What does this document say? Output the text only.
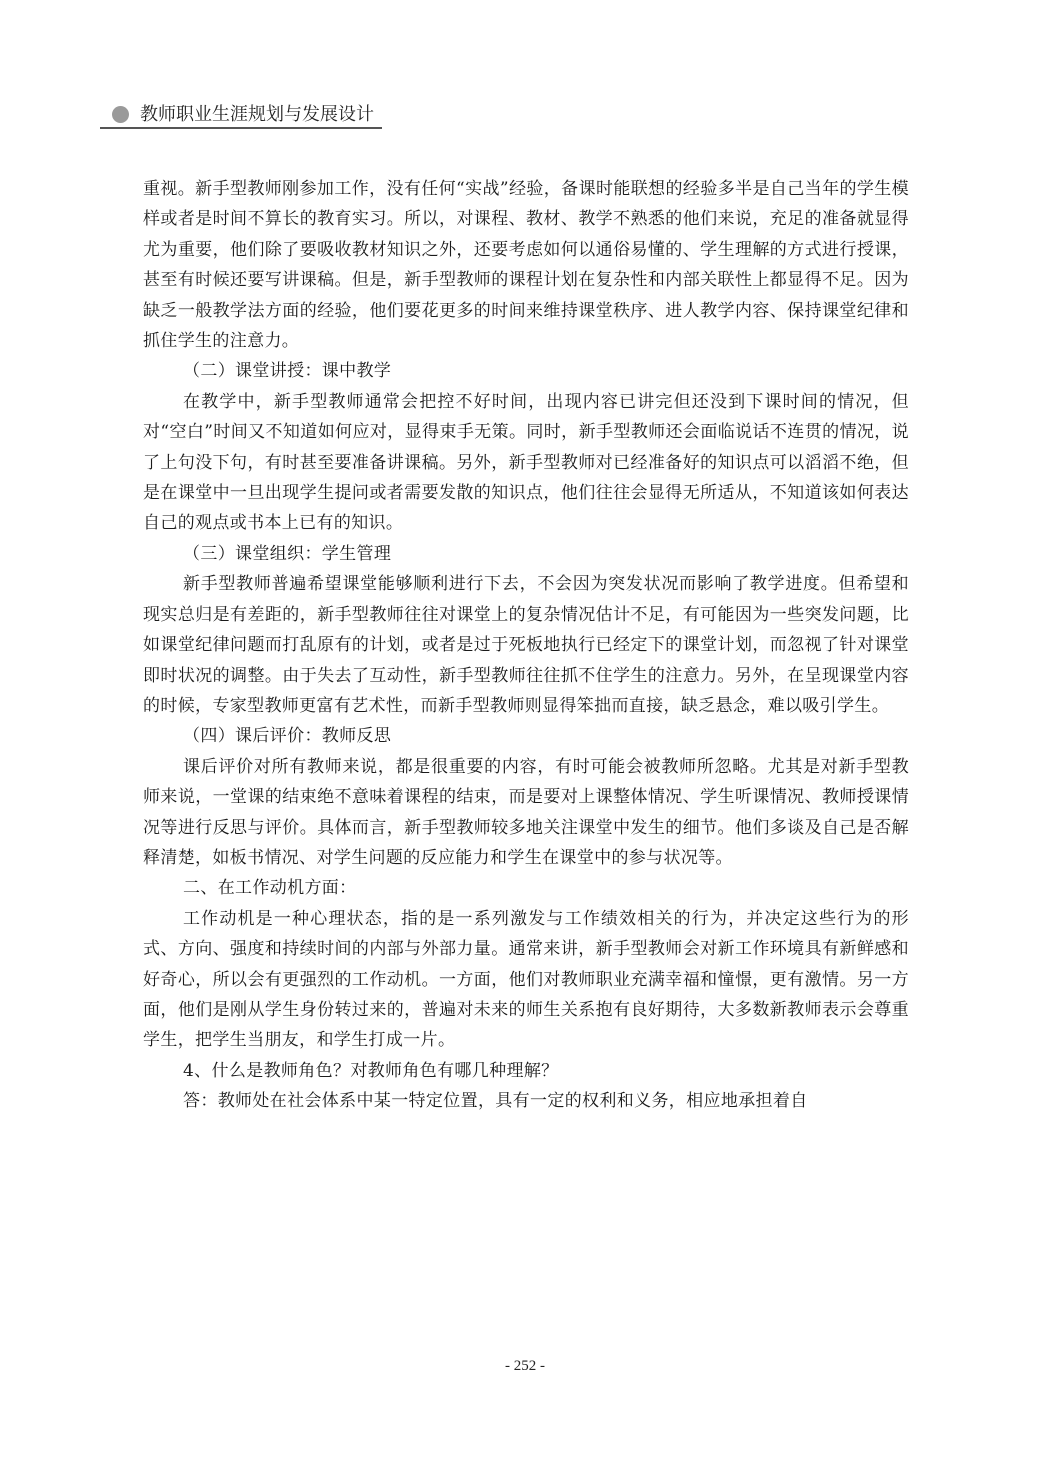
教师职业生涯规划与发展设计

重视。新手型教师刚参加工作，没有任何“实战”经验，备课时能联想的经验多半是自己当年的学生模样或者是时间不算长的教育实习。所以，对课程、教材、教学不熟悉的他们来说，充足的准备就显得尤为重要，他们除了要吸收教材知识之外，还要考虑如何以通俗易懂的、学生理解的方式进行授课，甚至有时候还要写讲课稿。但是，新手型教师的课程计划在复杂性和内部关联性上都显得不足。因为缺乏一般教学法方面的经验，他们要花更多的时间来维持课堂秩序、进人教学内容、保持课堂纪律和抓住学生的注意力。

（二）课堂讲授：课中教学

在教学中，新手型教师通常会把控不好时间，出现内容已讲完但还没到下课时间的情况，但对“空白”时间又不知道如何应对，显得束手无策。同时，新手型教师还会面临说话不连贯的情况，说了上句没下句，有时甚至要准备讲课稿。另外，新手型教师对已经准备好的知识点可以滔滔不绝，但是在课堂中一旦出现学生提问或者需要发散的知识点，他们往往会显得无所适从，不知道该如何表达自己的观点或书本上已有的知识。

（三）课堂组织：学生管理

新手型教师普遍希望课堂能够顺利进行下去，不会因为突发状况而影响了教学进度。但希望和现实总归是有差距的，新手型教师往往对课堂上的复杂情况估计不足，有可能因为一些突发问题，比如课堂纪律问题而打乱原有的计划，或者是过于死板地执行已经定下的课堂计划，而忽视了针对课堂即时状况的调整。由于失去了互动性，新手型教师往往抓不住学生的注意力。另外，在呈现课堂内容的时候，专家型教师更富有艺术性，而新手型教师则显得笨拙而直接，缺乏悬念，难以吸引学生。

（四）课后评价：教师反思

课后评价对所有教师来说，都是很重要的内容，有时可能会被教师所忽略。尤其是对新手型教师来说，一堂课的结束绝不意味着课程的结束，而是要对上课整体情况、学生听课情况、教师授课情况等进行反思与评价。具体而言，新手型教师较多地关注课堂中发生的细节。他们多谈及自己是否解释清楚，如板书情况、对学生问题的反应能力和学生在课堂中的参与状况等。

二、在工作动机方面：

工作动机是一种心理状态，指的是一系列激发与工作绩效相关的行为，并决定这些行为的形式、方向、强度和持续时间的内部与外部力量。通常来讲，新手型教师会对新工作环境具有新鲜感和好奇心，所以会有更强烈的工作动机。一方面，他们对教师职业充满幸福和憧憬，更有激情。另一方面，他们是刚从学生身份转过来的，普遍对未来的师生关系抱有良好期待，大多数新教师表示会尊重学生，把学生当朋友，和学生打成一片。

4、什么是教师角色？对教师角色有哪几种理解？

答：教师处在社会体系中某一特定位置，具有一定的权利和义务，相应地承担着自

- 252 -
